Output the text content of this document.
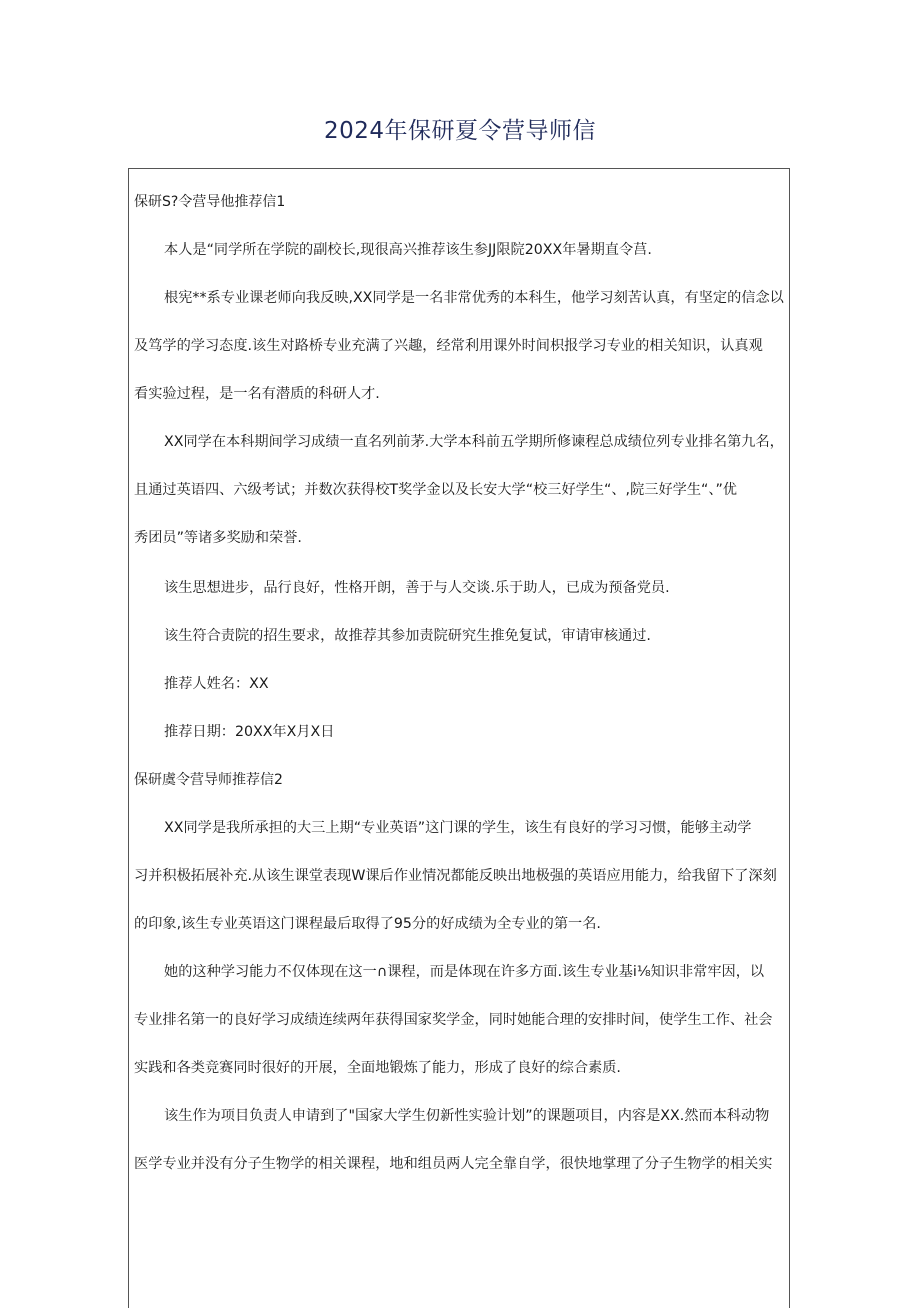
2024年保研夏令营导师信
保研S?令营导他推荐信1
本人是“同学所在学院的副校长,现很高兴推荐该生参JJ限院20XX年暑期直令莒.
根宪**系专业课老师向我反映,XX同学是一名非常优秀的本科生，他学习刻苦认真，有坚定的信念以
及笃学的学习态度.该生对路桥专业充满了兴趣，经常利用课外时间枳报学习专业的相关知识，认真观
看实验过程，是一名有潜质的科研人才.
XX同学在本科期间学习成绩一直名列前茅.大学本科前五学期所修谏程总成绩位列专业排名第九名，
且通过英语四、六级考试；并数次获得校T奖学金以及长安大学“校三好学生“、,院三好学生“、”优
秀团员”等诸多奖励和荣誉.
该生思想进步，品行良好，性格开朗，善于与人交谈.乐于助人，已成为预备党员.
该生符合责院的招生要求，故推荐其参加责院研究生推免复试，审请审核通过.
推荐人姓名：XX
推荐日期：20XX年X月X日
保研虞令营导师推荐信2
XX同学是我所承担的大三上期“专业英语”这门课的学生，该生有良好的学习习惯，能够主动学
习并积极拓展补充.从该生课堂表现W课后作业情况都能反映出地极强的英语应用能力，给我留下了深刻
的印象,该生专业英语这门课程最后取得了95分的好成绩为全专业的第一名.
她的这种学习能力不仅体现在这一∩课程，而是体现在许多方面.该生专业基i⅛知识非常牢因，以
专业排名第一的良好学习成绩连续两年获得国家奖学金，同时她能合理的安排时间，使学生工作、社会
实践和各类竞赛同时很好的开展，全面地锻炼了能力，形成了良好的综合素质.
该生作为项目负责人申请到了"国家大学生仞新性实验计划”的课题项目，内容是XX.然而本科动物
医学专业并没有分子生物学的相关课程，地和组员两人完全靠自学，很快地掌理了分子生物学的相关实
